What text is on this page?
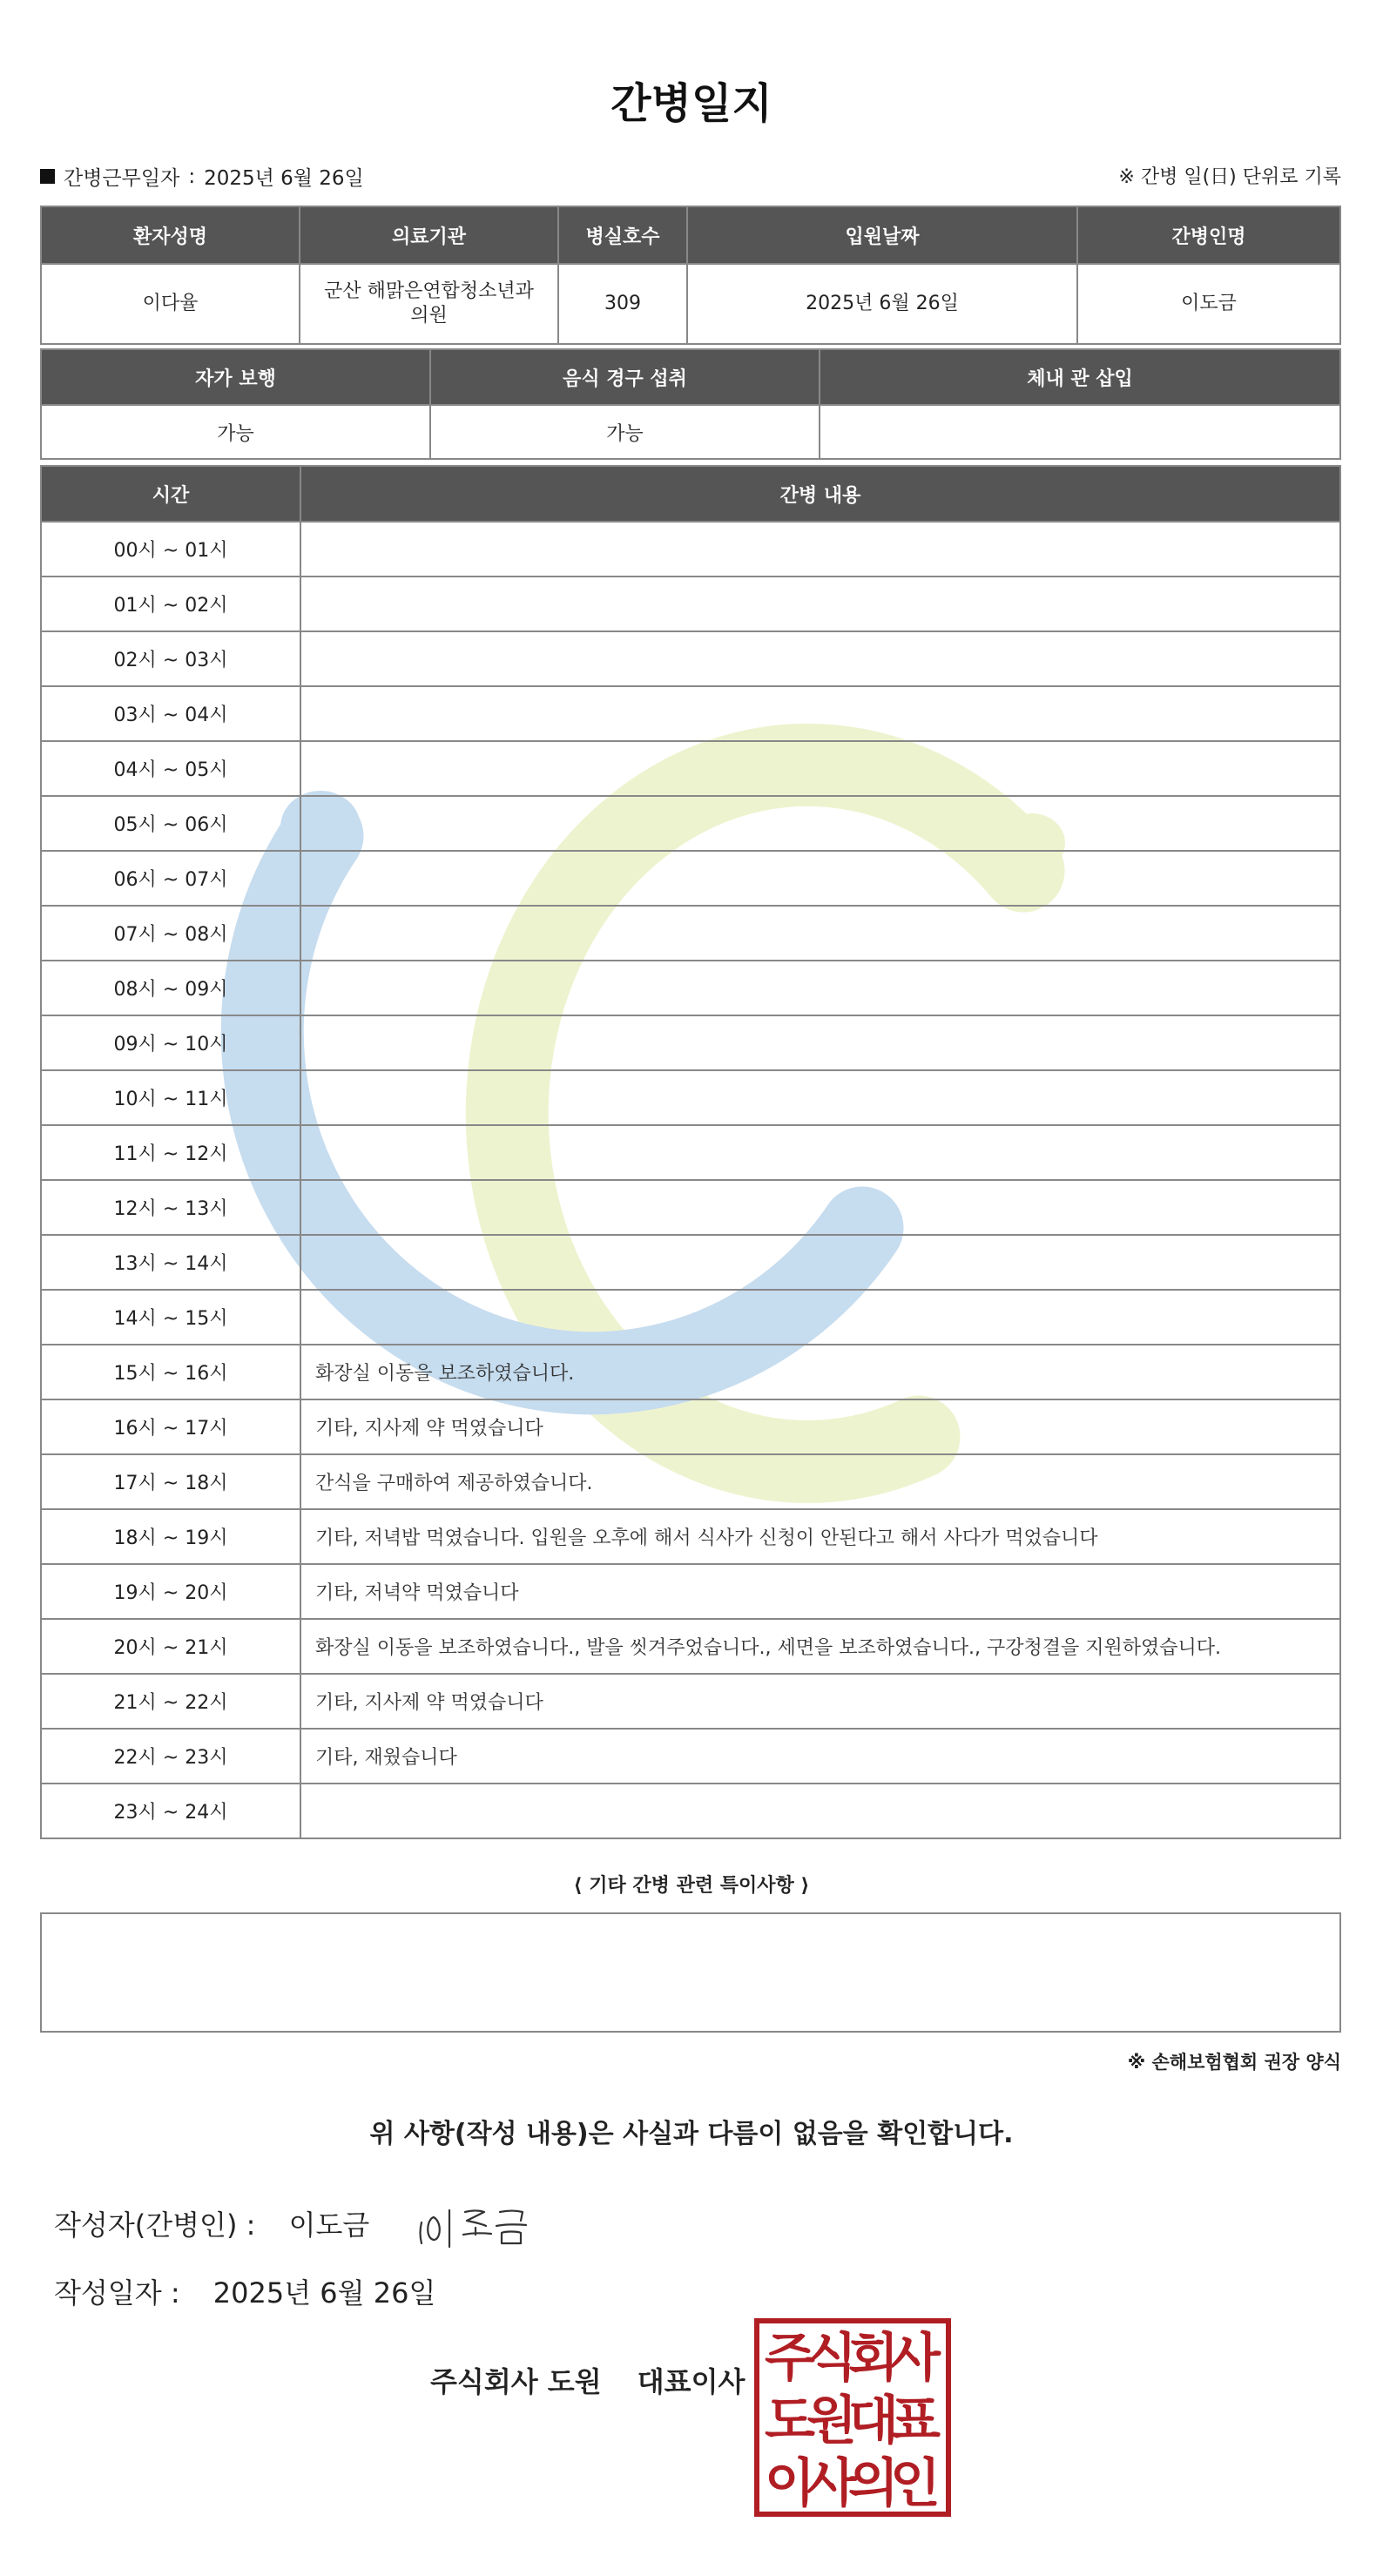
간병일지
간병근무일자 : 2025년 6월 26일	※ 간병 일(日) 단위로 기록
환자성명	의료기관	병실호수	입원날짜	간병인명
이다율	군산 해맑은연합청소년과의원	309	2025년 6월 26일	이도금
자가 보행	음식 경구 섭취	체내 관 삽입
가능	가능	
시간	간병 내용
00시 ~ 01시	
01시 ~ 02시	
02시 ~ 03시	
03시 ~ 04시	
04시 ~ 05시	
05시 ~ 06시	
06시 ~ 07시	
07시 ~ 08시	
08시 ~ 09시	
09시 ~ 10시	
10시 ~ 11시	
11시 ~ 12시	
12시 ~ 13시	
13시 ~ 14시	
14시 ~ 15시	
15시 ~ 16시	화장실 이동을 보조하였습니다.
16시 ~ 17시	기타, 지사제 약 먹였습니다
17시 ~ 18시	간식을 구매하여 제공하였습니다.
18시 ~ 19시	기타, 저녁밥 먹였습니다. 입원을 오후에 해서 식사가 신청이 안된다고 해서 사다가 먹었습니다
19시 ~ 20시	기타, 저녁약 먹였습니다
20시 ~ 21시	화장실 이동을 보조하였습니다., 발을 씻겨주었습니다., 세면을 보조하였습니다., 구강청결을 지원하였습니다.
21시 ~ 22시	기타, 지사제 약 먹였습니다
22시 ~ 23시	기타, 재웠습니다
23시 ~ 24시	
⟨ 기타 간병 관련 특이사항 ⟩
※ 손해보험협회 권장 양식
위 사항(작성 내용)은 사실과 다름이 없음을 확인합니다.
작성자(간병인) : 이도금
작성일자 : 2025년 6월 26일
주식회사 도원 대표이사 주
식
회
사
도
원
대
표
이
사
의
인
